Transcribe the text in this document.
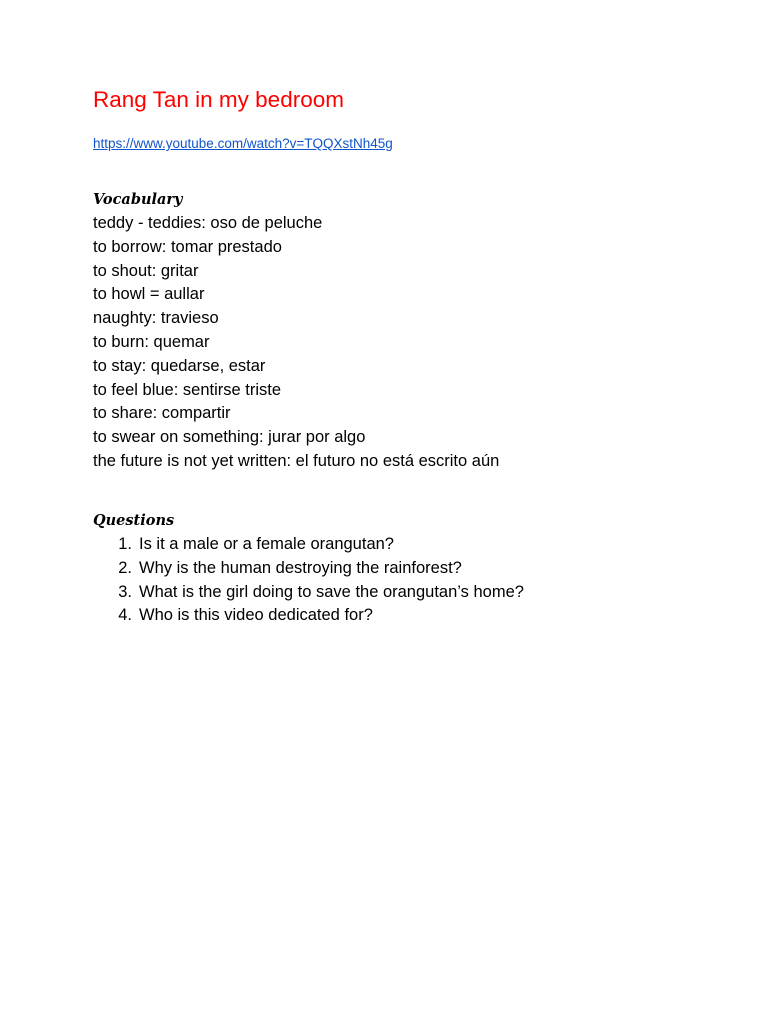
Rang Tan in my bedroom
https://www.youtube.com/watch?v=TQQXstNh45g
Vocabulary
teddy - teddies: oso de peluche
to borrow: tomar prestado
to shout: gritar
to howl = aullar
naughty: travieso
to burn: quemar
to stay: quedarse, estar
to feel blue: sentirse triste
to share: compartir
to swear on something: jurar por algo
the future is not yet written: el futuro no está escrito aún
Questions
1. Is it a male or a female orangutan?
2. Why is the human destroying the rainforest?
3. What is the girl doing to save the orangutan’s home?
4. Who is this video dedicated for?
